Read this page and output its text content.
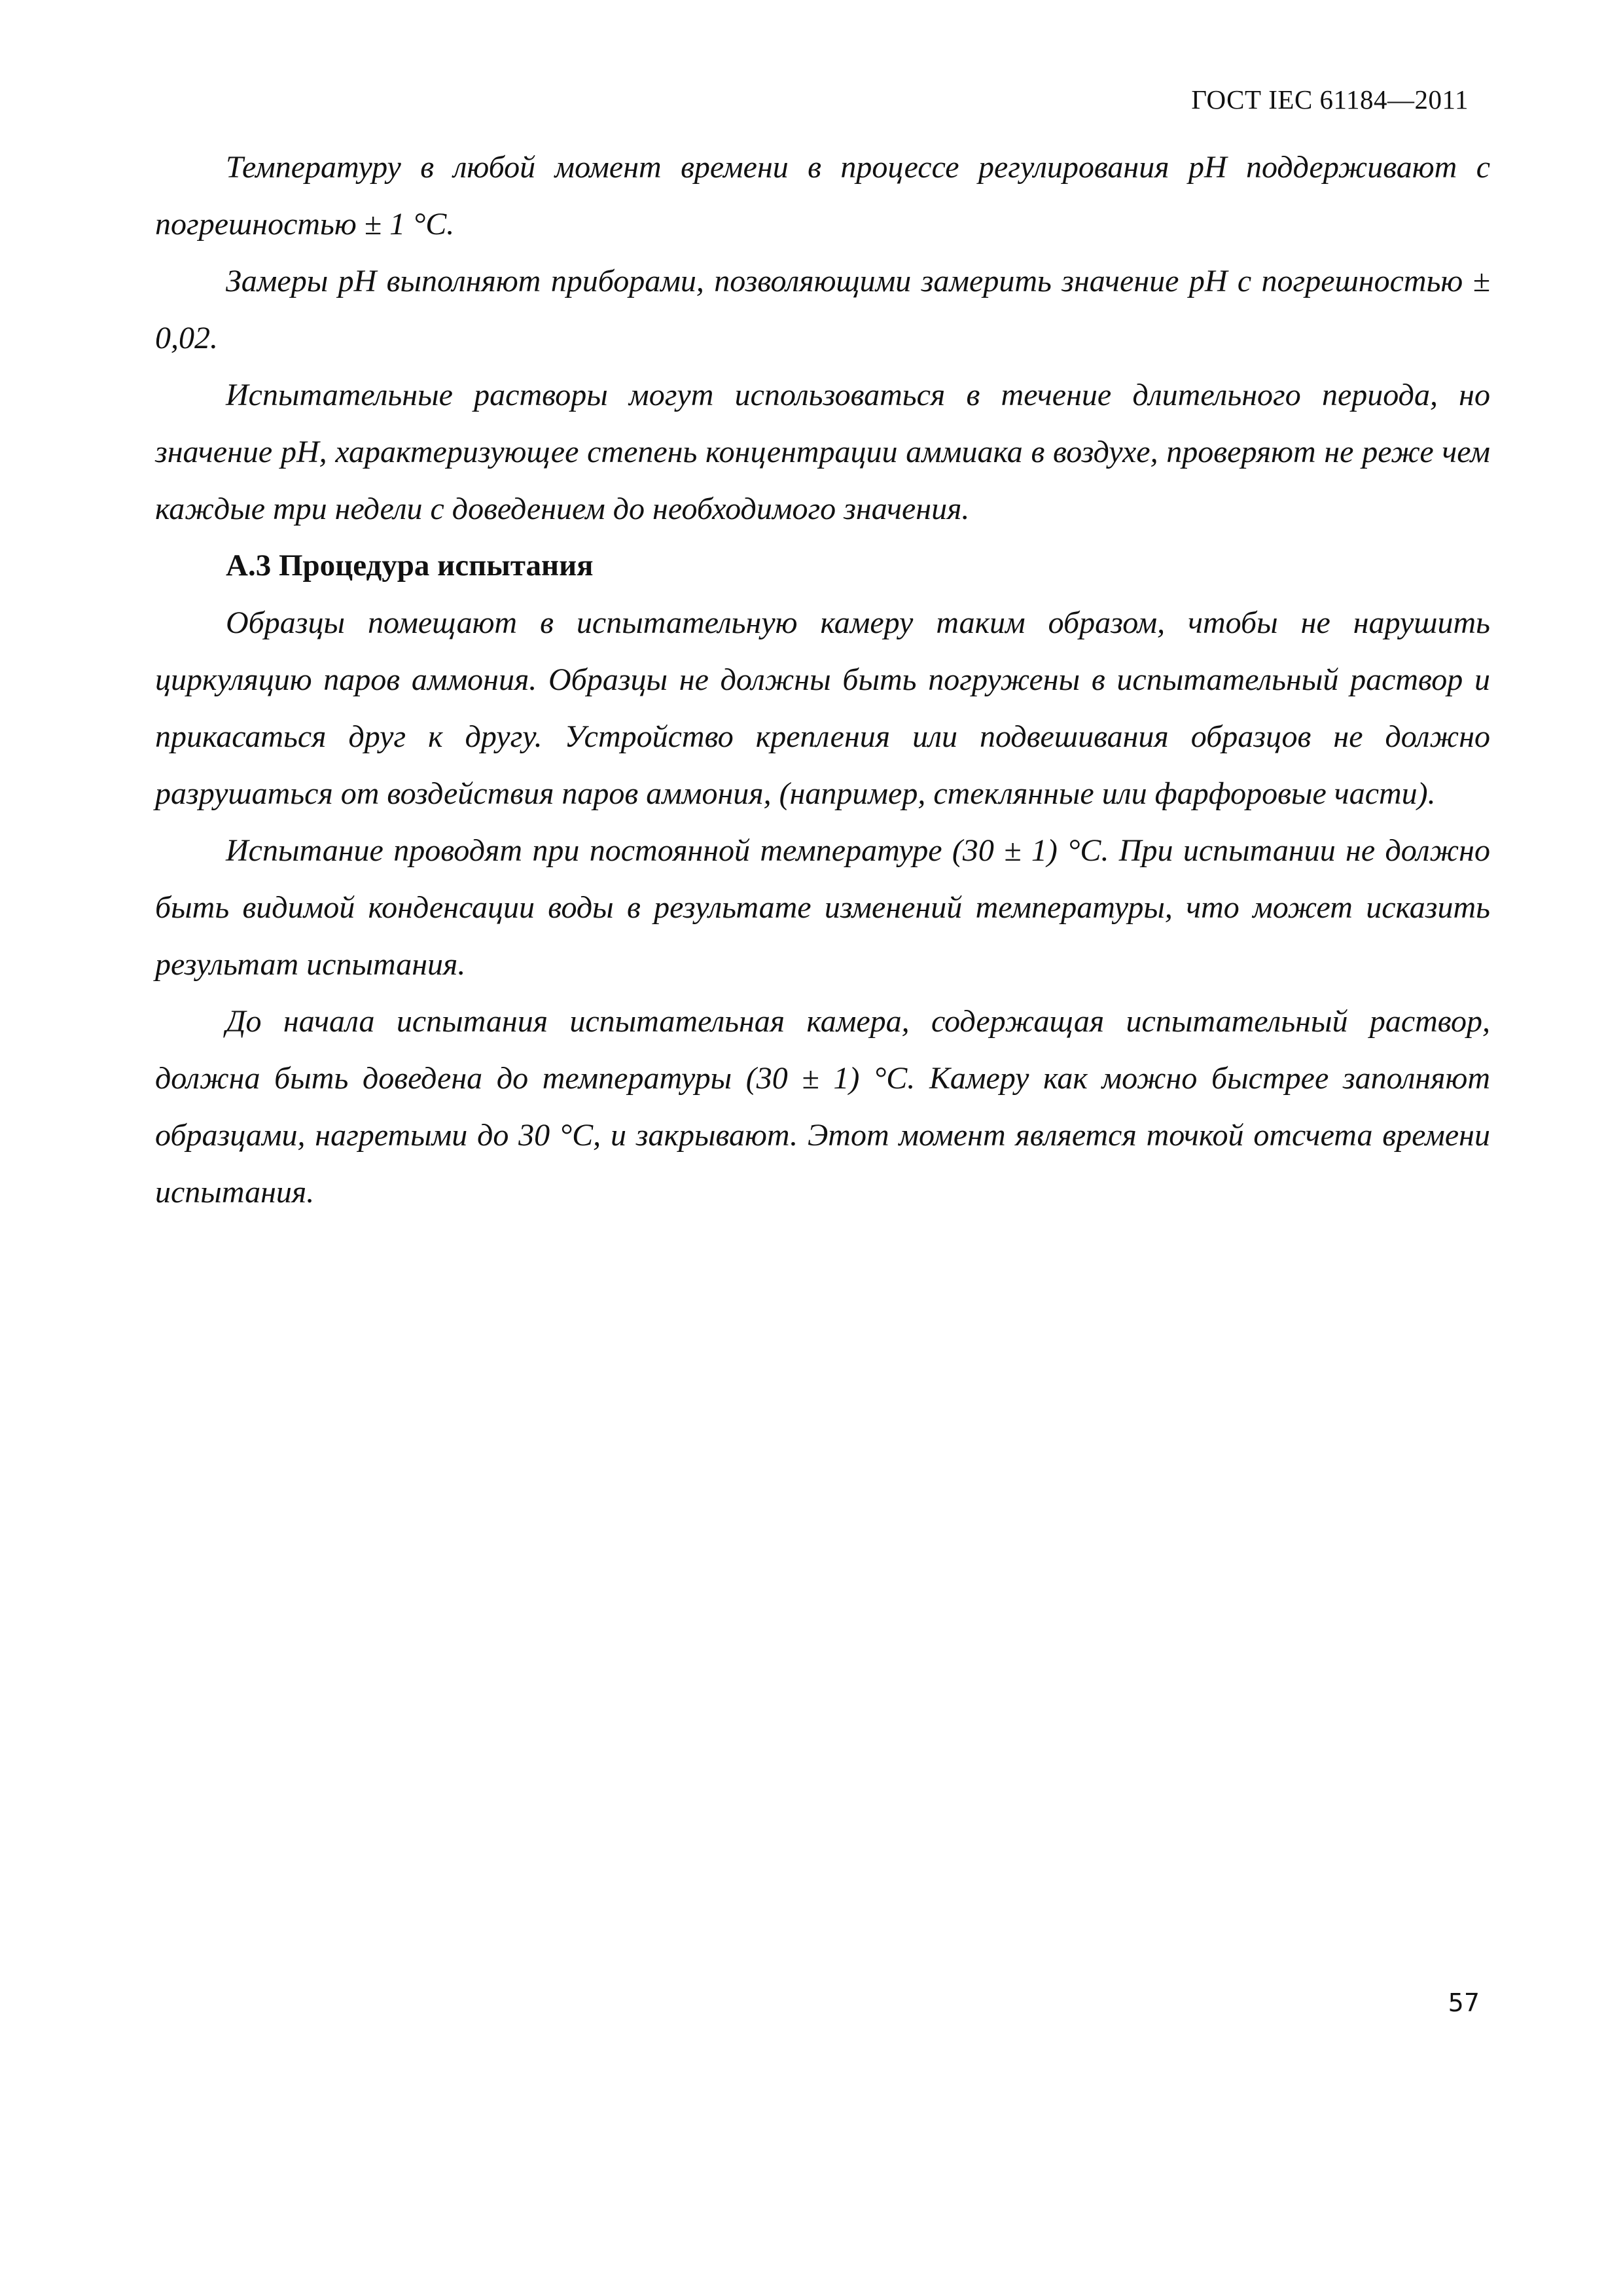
ГОСТ IEC 61184—2011

Температуру в любой момент времени в процессе регулирования рН поддерживают с погрешностью ± 1 °С.

Замеры рН выполняют приборами, позволяющими замерить значение рН с погрешностью ± 0,02.

Испытательные растворы могут использоваться в течение длительного периода, но значение рН, характеризующее степень концентрации аммиака в воздухе, проверяют не реже чем каждые три недели с доведением до необходимого значения.

А.3 Процедура испытания

Образцы помещают в испытательную камеру таким образом, чтобы не нарушить циркуляцию паров аммония. Образцы не должны быть погружены в испытательный раствор и прикасаться друг к другу. Устройство крепления или подвешивания образцов не должно разрушаться от воздействия паров аммония, (например, стеклянные или фарфоровые части).

Испытание проводят при постоянной температуре (30 ± 1) °С. При испытании не должно быть видимой конденсации воды в результате изменений температуры, что может исказить результат испытания.

До начала испытания испытательная камера, содержащая испытательный раствор, должна быть доведена до температуры (30 ± 1) °С. Камеру как можно быстрее заполняют образцами, нагретыми до 30 °С, и закрывают. Этот момент является точкой отсчета времени испытания.

57
